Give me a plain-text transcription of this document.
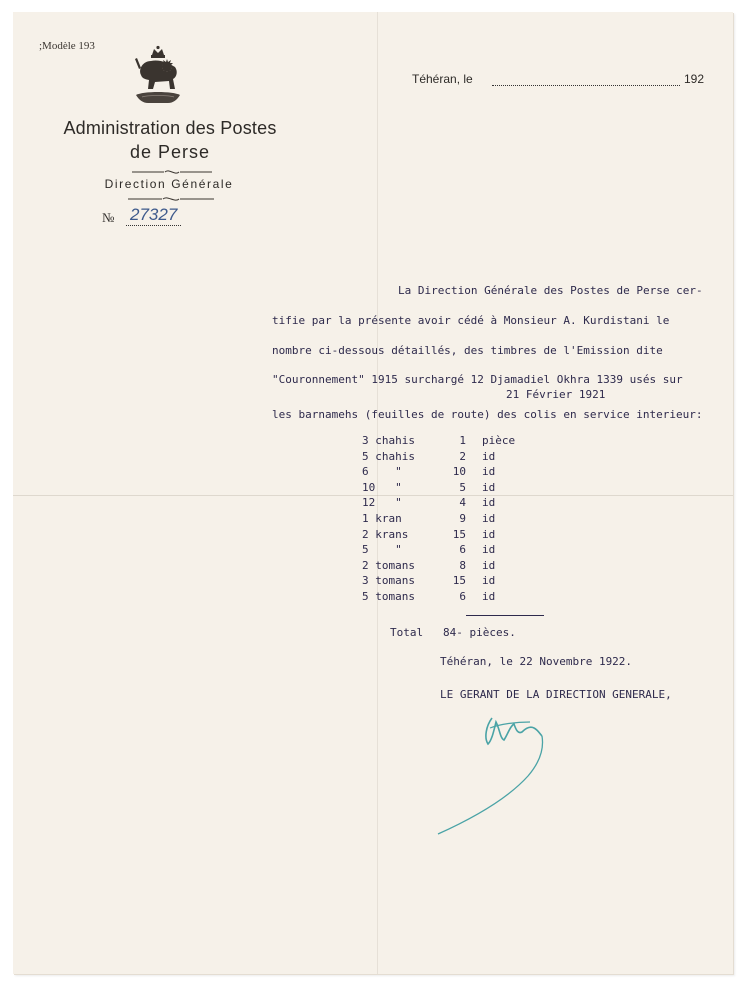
;Modèle 193
Administration des Postes
de Perse
Direction Générale
№ 27327
Téhéran, le	192
La Direction Générale des Postes de Perse cer-
tifie par la présente avoir cédé à Monsieur A. Kurdistani le
nombre ci-dessous détaillés, des timbres de l'Emission dite
"Couronnement" 1915 surchargé 12 Djamadiel Okhra 1339 usés sur
21 Février 1921
les barnamehs (feuilles de route) des colis en service interieur:
3 chahis	1 pièce
5 chahis	2 id
6    "	10 id
10   "	5 id
12   "	4 id
1 kran	9 id
2 krans	15 id
5    "	6 id
2 tomans	8 id
3 tomans	15 id
5 tomans	6 id
Total 84- pièces.
Téhéran, le 22 Novembre 1922.
LE GERANT DE LA DIRECTION GENERALE,
